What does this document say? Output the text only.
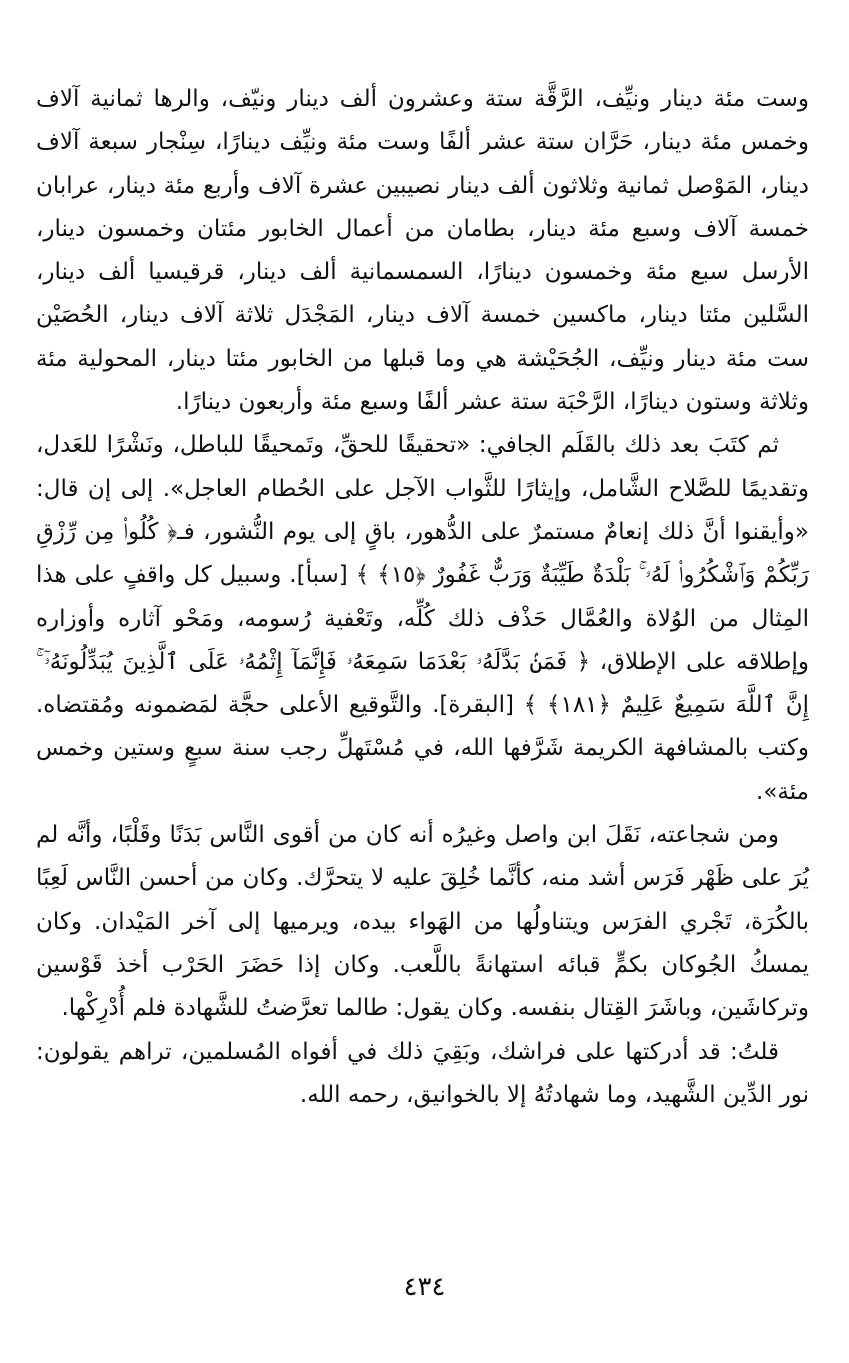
وست مئة دينار ونيِّف، الرَّقَّة ستة وعشرون ألف دينار ونيّف، والرها ثمانية آلاف وخمس مئة دينار، حَرَّان ستة عشر ألفًا وست مئة ونيِّف دينارًا، سِنْجار سبعة آلاف دينار، المَوْصل ثمانية وثلاثون ألف دينار نصيبين عشرة آلاف وأربع مئة دينار، عرابان خمسة آلاف وسبع مئة دينار، بطامان من أعمال الخابور مئتان وخمسون دينار، الأرسل سبع مئة وخمسون دينارًا، السمسمانية ألف دينار، قرقيسيا ألف دينار، السَّلين مئتا دينار، ماكسين خمسة آلاف دينار، المَجْدَل ثلاثة آلاف دينار، الحُصَيْن ست مئة دينار ونيِّف، الجُحَيْشة هي وما قبلها من الخابور مئتا دينار، المحولية مئة وثلاثة وستون دينارًا، الرَّحْبَة ستة عشر ألفًا وسبع مئة وأربعون دينارًا.

ثم كتَبَ بعد ذلك بالقَلَم الجافي: «تحقيقًا للحقِّ، وتَمحيقًا للباطل، ونَشْرًا للعَدل، وتقديمًا للصَّلاح الشَّامل، وإيثارًا للثَّواب الآجل على الحُطام العاجل». إلى إن قال: «وأيقنوا أنَّ ذلك إنعامٌ مستمرٌ على الدُّهور، باقٍ إلى يوم النُّشور، فـ﴿ كُلُوا۟ مِن رِّزْقِ رَبِّكُمْ وَٱشْكُرُوا۟ لَهُۥ ۚ بَلْدَةٌ طَيِّبَةٌ وَرَبٌّ غَفُورٌ ﴿١٥﴾ ﴾ [سبأ]. وسبيل كل واقفٍ على هذا المِثال من الوُلاة والعُمَّال حَذْف ذلك كُلِّه، وتَعْفية رُسومه، ومَحْو آثاره وأوزاره وإطلاقه على الإطلاق، ﴿ فَمَنۢ بَدَّلَهُۥ بَعْدَمَا سَمِعَهُۥ فَإِنَّمَآ إِثْمُهُۥ عَلَى ٱلَّذِينَ يُبَدِّلُونَهُۥٓ ۚ إِنَّ ٱللَّهَ سَمِيعٌ عَلِيمٌ ﴿١٨١﴾ ﴾ [البقرة]. والتَّوقيع الأعلى حجَّة لمَضمونه ومُقتضاه. وكتب بالمشافهة الكريمة شَرَّفها الله، في مُسْتَهلِّ رجب سنة سبعٍ وستين وخمس مئة».

ومن شجاعته، نَقَلَ ابن واصل وغيرُه أنه كان من أقوى النَّاس بَدَنًا وقَلْبًا، وأنَّه لم يُرَ على ظَهْر فَرَس أشد منه، كأنَّما خُلِقَ عليه لا يتحرَّك. وكان من أحسن النَّاس لَعِبًا بالكُرَة، تَجْري الفرَس ويتناولُها من الهَواء بيده، ويرميها إلى آخر المَيْدان. وكان يمسكُ الجُوكان بكمٍّ قبائه استهانةً باللَّعب. وكان إذا حَضَرَ الحَرْب أخذ قَوْسين وتركاشَين، وباشَرَ القِتال بنفسه. وكان يقول: طالما تعرَّضتُ للشَّهادة فلم أُدْرِكْها.

قلتُ: قد أدركتها على فراشك، وبَقِيَ ذلك في أفواه المُسلمين، تراهم يقولون: نور الدِّين الشَّهيد، وما شهادتُهُ إلا بالخوانيق، رحمه الله.

٤٣٤
